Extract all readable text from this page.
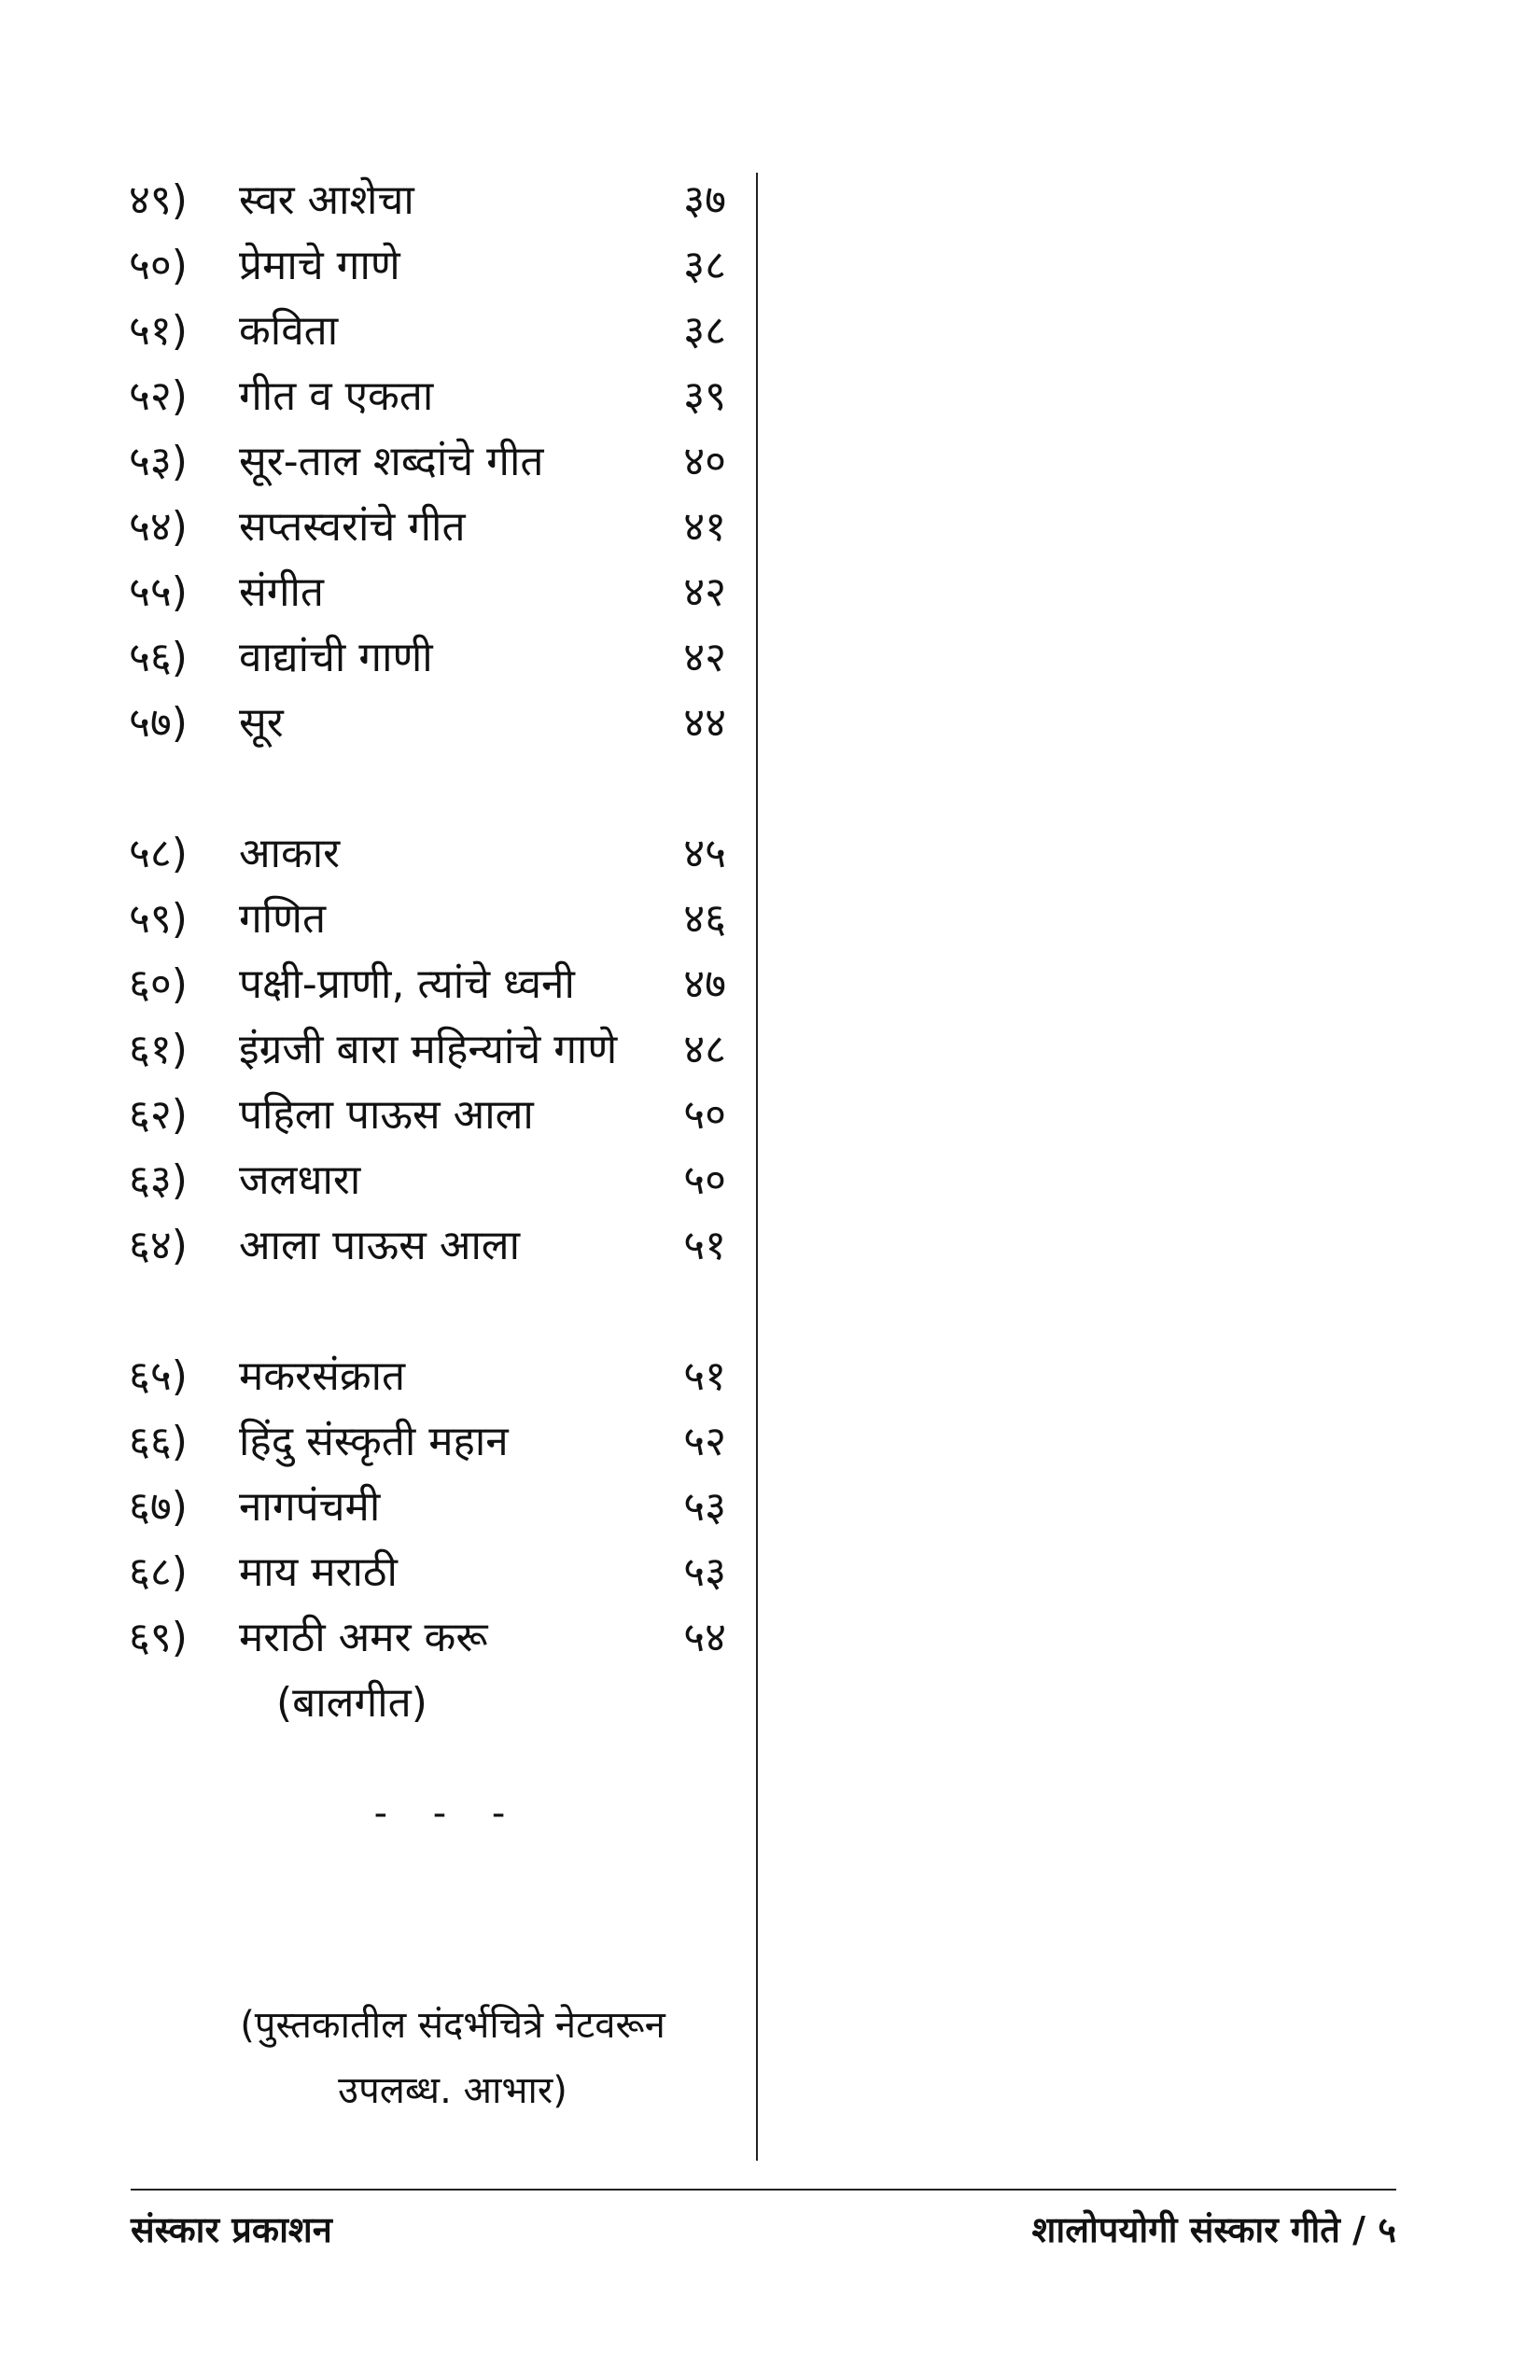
४९)	स्वर आशेचा	३७
५०)	प्रेमाचे गाणे	३८
५१)	कविता	३८
५२)	गीत व एकता	३९
५३)	सूर-ताल शब्दांचे गीत	४०
५४)	सप्तस्वरांचे गीत	४१
५५)	संगीत	४२
५६)	वाद्यांची गाणी	४२
५७)	सूर	४४
५८)	आकार	४५
५९)	गणित	४६
६०)	पक्षी-प्राणी, त्यांचे ध्वनी	४७
६१)	इंग्रजी बारा महिन्यांचे गाणे	४८
६२)	पहिला पाऊस आला	५०
६३)	जलधारा	५०
६४)	आला पाऊस आला	५१
६५)	मकरसंक्रात	५१
६६)	हिंदु संस्कृती महान	५२
६७)	नागपंचमी	५३
६८)	माय मराठी	५३
६९)	मराठी अमर करू	५४
(बालगीत)
- - -
(पुस्तकातील संदर्भचित्रे नेटवरून
उपलब्ध. आभार)
संस्कार प्रकाशन	शालोपयोगी संस्कार गीते / ५
